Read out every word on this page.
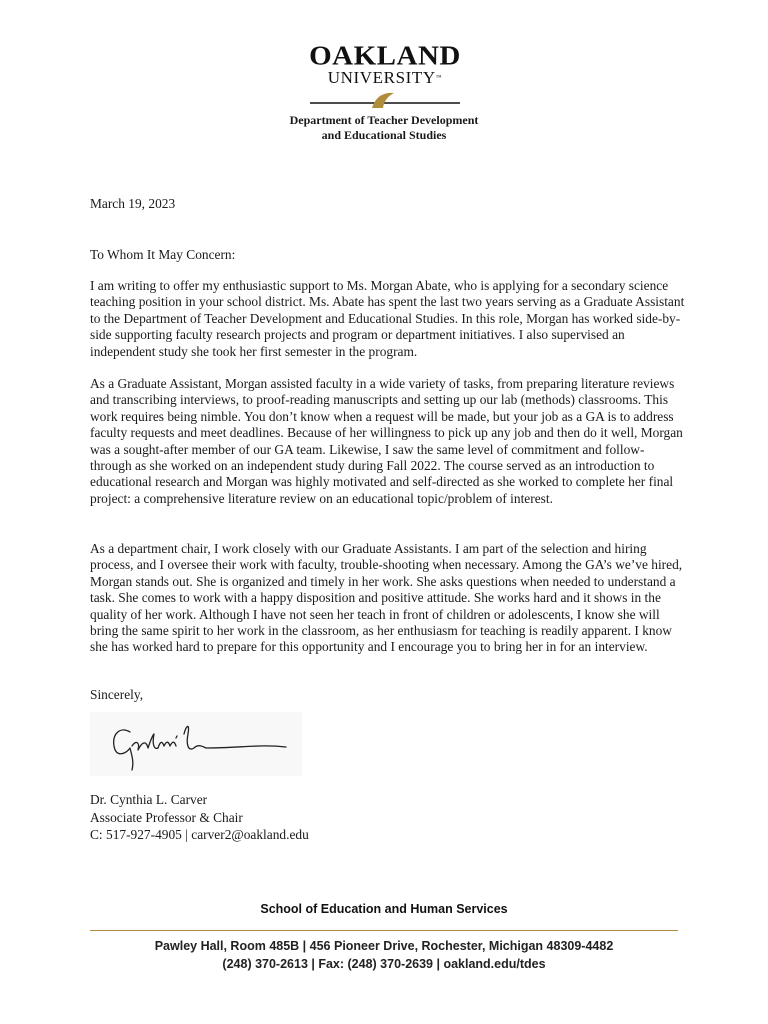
OAKLAND
UNIVERSITY™
Department of Teacher Development
and Educational Studies
March 19, 2023
To Whom It May Concern:

I am writing to offer my enthusiastic support to Ms. Morgan Abate, who is applying for a secondary science teaching position in your school district. Ms. Abate has spent the last two years serving as a Graduate Assistant to the Department of Teacher Development and Educational Studies. In this role, Morgan has worked side-by-side supporting faculty research projects and program or department initiatives. I also supervised an independent study she took her first semester in the program.

As a Graduate Assistant, Morgan assisted faculty in a wide variety of tasks, from preparing literature reviews and transcribing interviews, to proof-reading manuscripts and setting up our lab (methods) classrooms. This work requires being nimble. You don’t know when a request will be made, but your job as a GA is to address faculty requests and meet deadlines. Because of her willingness to pick up any job and then do it well, Morgan was a sought-after member of our GA team. Likewise, I saw the same level of commitment and follow-through as she worked on an independent study during Fall 2022. The course served as an introduction to educational research and Morgan was highly motivated and self-directed as she worked to complete her final project: a comprehensive literature review on an educational topic/problem of interest.

As a department chair, I work closely with our Graduate Assistants. I am part of the selection and hiring process, and I oversee their work with faculty, trouble-shooting when necessary. Among the GA’s we’ve hired, Morgan stands out. She is organized and timely in her work. She asks questions when needed to understand a task. She comes to work with a happy disposition and positive attitude. She works hard and it shows in the quality of her work. Although I have not seen her teach in front of children or adolescents, I know she will bring the same spirit to her work in the classroom, as her enthusiasm for teaching is readily apparent. I know she has worked hard to prepare for this opportunity and I encourage you to bring her in for an interview.

Sincerely,
Dr. Cynthia L. Carver
Associate Professor & Chair
C: 517-927-4905 | carver2@oakland.edu
School of Education and Human Services
Pawley Hall, Room 485B | 456 Pioneer Drive, Rochester, Michigan 48309-4482
(248) 370-2613 | Fax: (248) 370-2639 | oakland.edu/tdes
